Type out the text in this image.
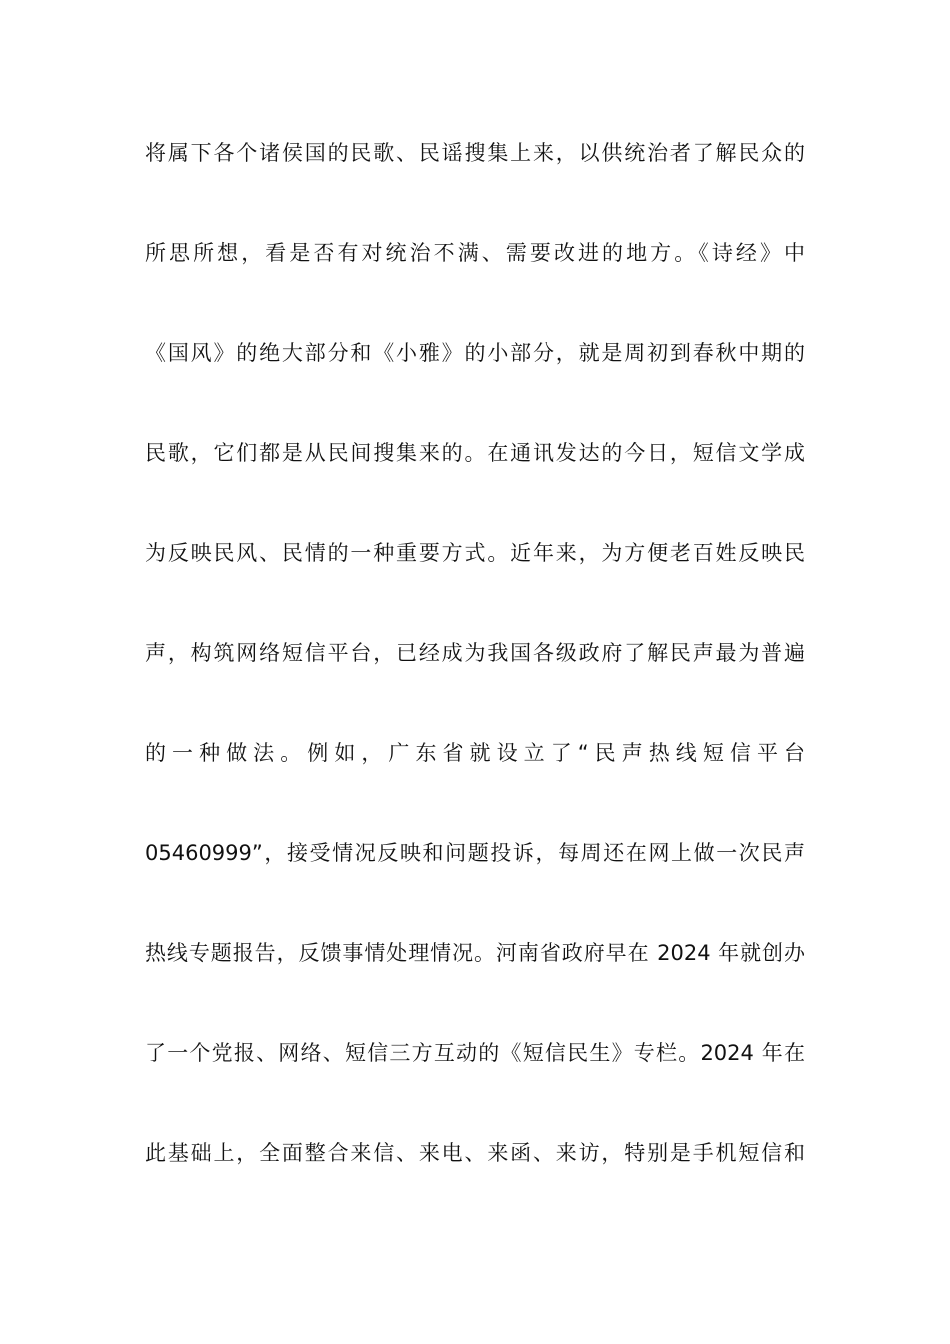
将属下各个诸侯国的民歌、民谣搜集上来，以供统治者了解民众的
所思所想，看是否有对统治不满、需要改进的地方。《诗经》中
《国风》的绝大部分和《小雅》的小部分，就是周初到春秋中期的
民歌，它们都是从民间搜集来的。在通讯发达的今日，短信文学成
为反映民风、民情的一种重要方式。近年来，为方便老百姓反映民
声，构筑网络短信平台，已经成为我国各级政府了解民声最为普遍
的一种做法。例如，广东省就设立了“民声热线短信平台
05460999”，接受情况反映和问题投诉，每周还在网上做一次民声
热线专题报告，反馈事情处理情况。河南省政府早在 2024 年就创办
了一个党报、网络、短信三方互动的《短信民生》专栏。2024 年在
此基础上，全面整合来信、来电、来函、来访，特别是手机短信和
